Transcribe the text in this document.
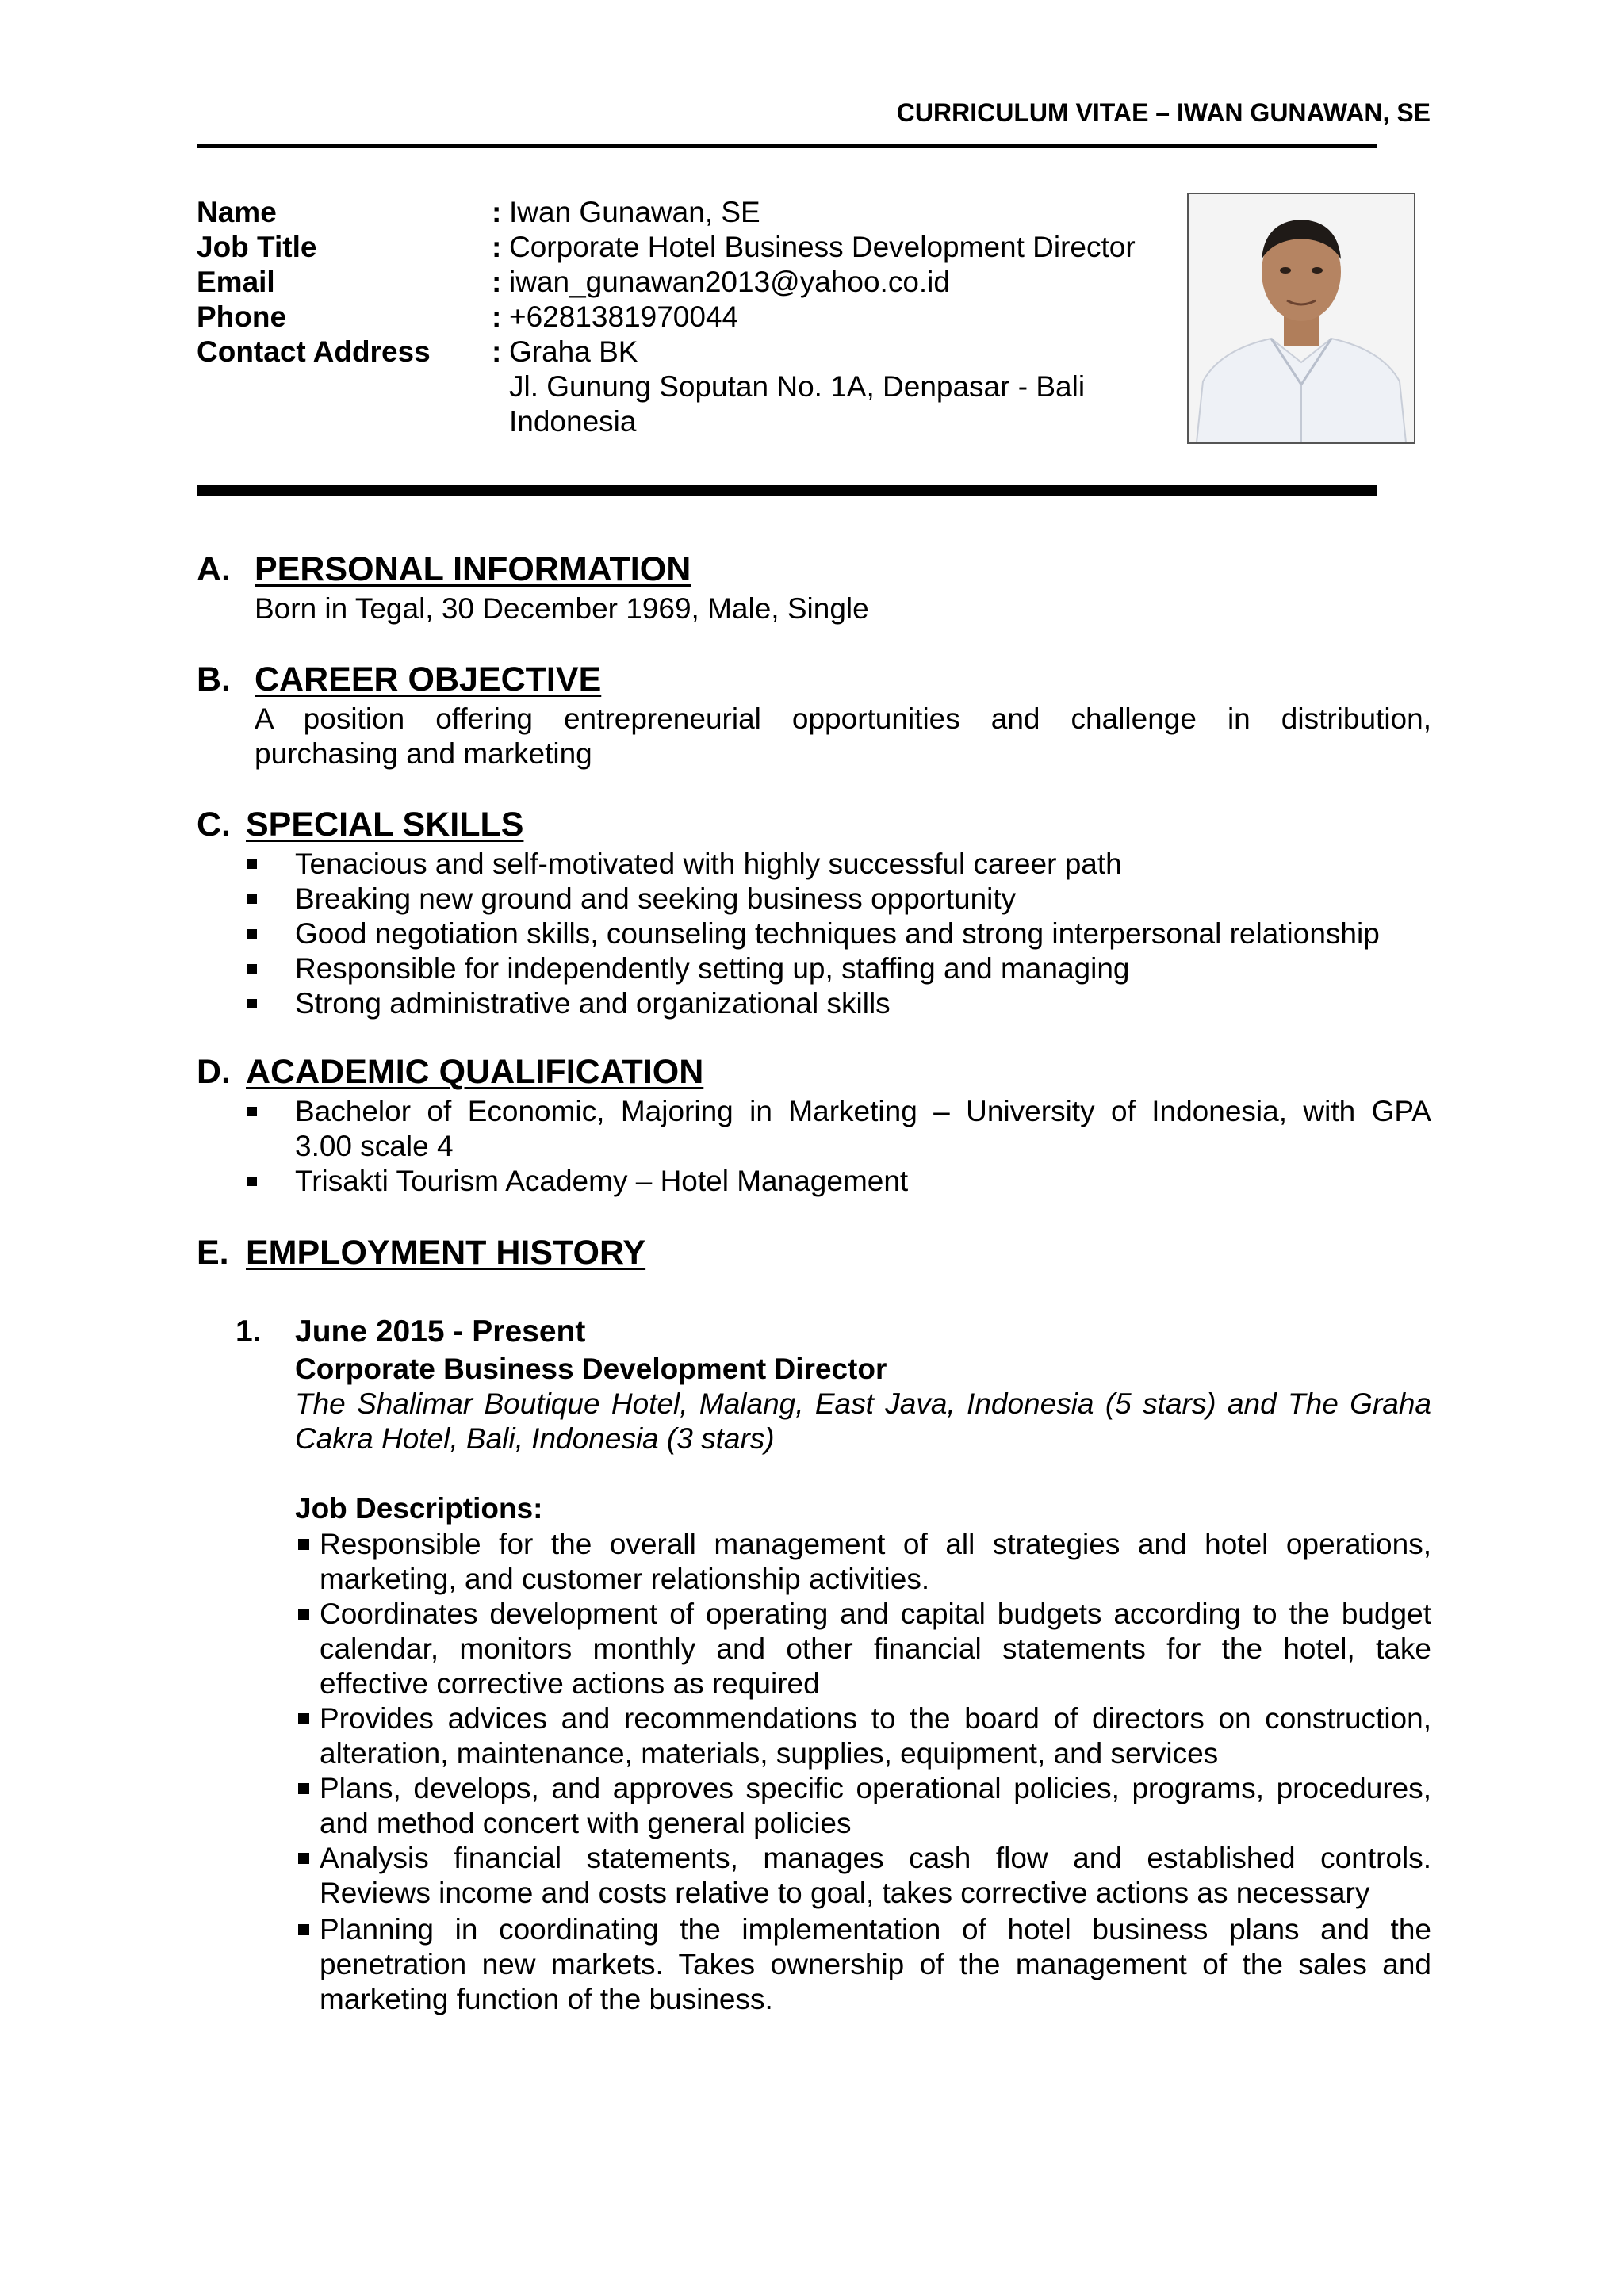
CURRICULUM VITAE – IWAN GUNAWAN, SE
Name	: Iwan Gunawan, SE
Job Title	: Corporate Hotel Business Development Director
Email	: iwan_gunawan2013@yahoo.co.id
Phone	: +6281381970044
Contact Address : Graha BK
Jl. Gunung Soputan No. 1A, Denpasar - Bali
Indonesia
A. PERSONAL INFORMATION
Born in Tegal, 30 December 1969, Male, Single
B. CAREER OBJECTIVE
A position offering entrepreneurial opportunities and challenge in distribution,
purchasing and marketing
C. SPECIAL SKILLS
Tenacious and self-motivated with highly successful career path
Breaking new ground and seeking business opportunity
Good negotiation skills, counseling techniques and strong interpersonal relationship
Responsible for independently setting up, staffing and managing
Strong administrative and organizational skills
D. ACADEMIC QUALIFICATION
Bachelor of Economic, Majoring in Marketing – University of Indonesia, with GPA
3.00 scale 4
Trisakti Tourism Academy – Hotel Management
E. EMPLOYMENT HISTORY
1. June 2015 - Present
Corporate Business Development Director
The Shalimar Boutique Hotel, Malang, East Java, Indonesia (5 stars) and The Graha
Cakra Hotel, Bali, Indonesia (3 stars)
Job Descriptions:
Responsible for the overall management of all strategies and hotel operations,
marketing, and customer relationship activities.
Coordinates development of operating and capital budgets according to the budget
calendar, monitors monthly and other financial statements for the hotel, take
effective corrective actions as required
Provides advices and recommendations to the board of directors on construction,
alteration, maintenance, materials, supplies, equipment, and services
Plans, develops, and approves specific operational policies, programs, procedures,
and method concert with general policies
Analysis financial statements, manages cash flow and established controls.
Reviews income and costs relative to goal, takes corrective actions as necessary
Planning in coordinating the implementation of hotel business plans and the
penetration new markets. Takes ownership of the management of the sales and
marketing function of the business.
